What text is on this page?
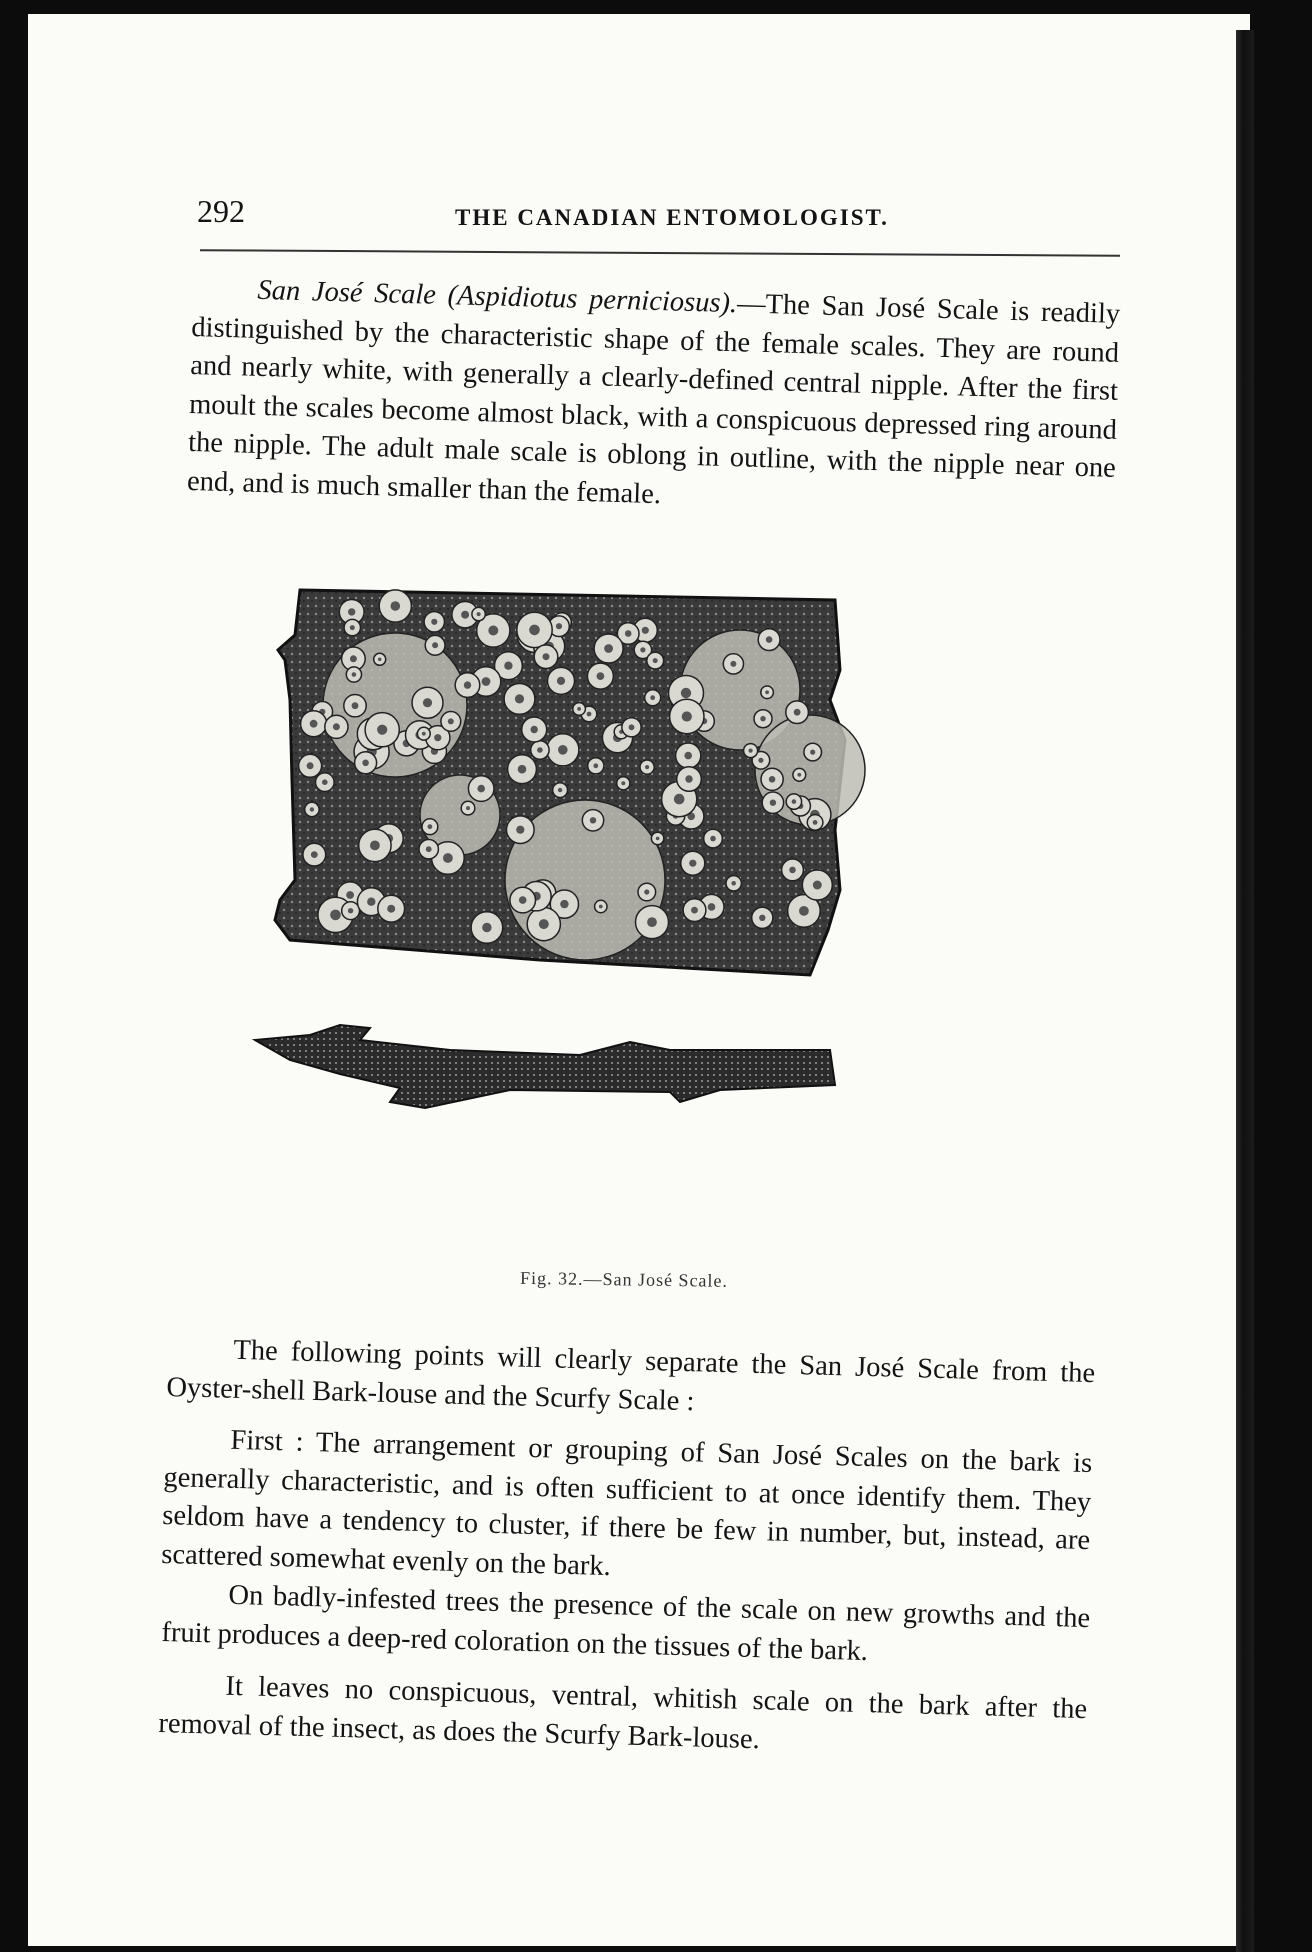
292	THE CANADIAN ENTOMOLOGIST.

San José Scale (Aspidiotus perniciosus).—The San José Scale is readily distinguished by the characteristic shape of the female scales. They are round and nearly white, with generally a clearly-defined central nipple. After the first moult the scales become almost black, with a conspicuous depressed ring around the nipple. The adult male scale is oblong in outline, with the nipple near one end, and is much smaller than the female.

Fig. 32.—San José Scale.

The following points will clearly separate the San José Scale from the Oyster-shell Bark-louse and the Scurfy Scale :

First : The arrangement or grouping of San José Scales on the bark is generally characteristic, and is often sufficient to at once identify them. They seldom have a tendency to cluster, if there be few in number, but, instead, are scattered somewhat evenly on the bark.

On badly-infested trees the presence of the scale on new growths and the fruit produces a deep-red coloration on the tissues of the bark.

It leaves no conspicuous, ventral, whitish scale on the bark after the removal of the insect, as does the Scurfy Bark-louse.
